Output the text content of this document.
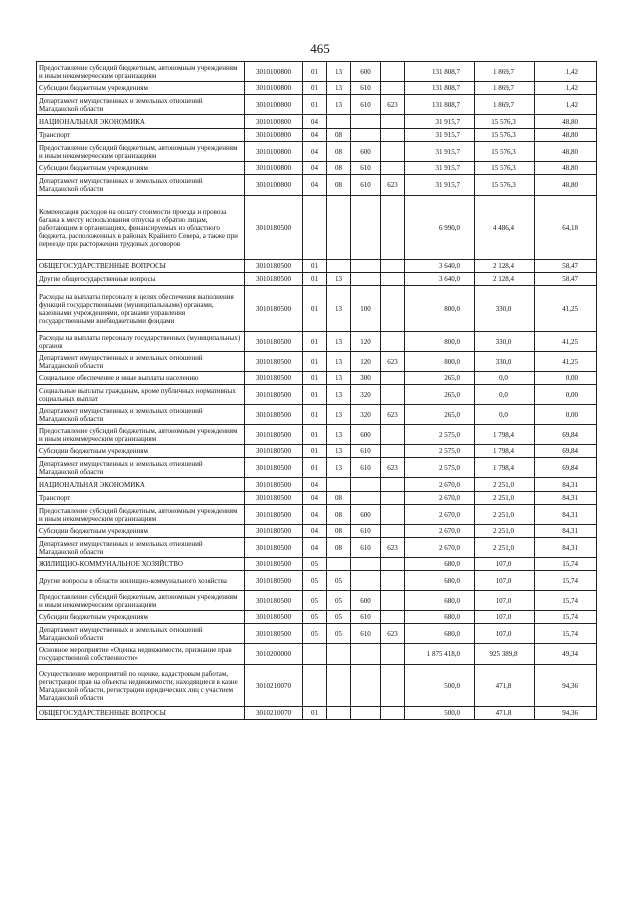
465
Предоставление субсидий бюджетным, автономным учреждениям и иным некоммерческим организациям	3010100800	01	13	600		131 808,7	1 869,7	1,42
Субсидии бюджетным учреждениям	3010100800	01	13	610		131 808,7	1 869,7	1,42
Департамент имущественных и земельных отношений Магаданской области	3010100800	01	13	610	623	131 808,7	1 869,7	1,42
НАЦИОНАЛЬНАЯ ЭКОНОМИКА	3010100800	04				31 915,7	15 576,3	48,80
Транспорт	3010100800	04	08			31 915,7	15 576,3	48,80
Предоставление субсидий бюджетным, автономным учреждениям и иным некоммерческим организациям	3010100800	04	08	600		31 915,7	15 576,3	48,80
Субсидии бюджетным учреждениям	3010100800	04	08	610		31 915,7	15 576,3	48,80
Департамент имущественных и земельных отношений Магаданской области	3010100800	04	08	610	623	31 915,7	15 576,3	48,80
Компенсация расходов на оплату стоимости проезда и провоза багажа к месту использования отпуска и обратно лицам, работающим в организациях, финансируемых из областного бюджета, расположенных в районах Крайнего Севера, а также при переезде при расторжении трудовых договоров	3010180500					6 990,0	4 486,4	64,18
ОБЩЕГОСУДАРСТВЕННЫЕ ВОПРОСЫ	3010180500	01				3 640,0	2 128,4	58,47
Другие общегосударственные вопросы	3010180500	01	13			3 640,0	2 128,4	58,47
Расходы на выплаты персоналу в целях обеспечения выполнения функций государственными (муниципальными) органами, казенными учреждениями, органами управления государственными внебюджетными фондами	3010180500	01	13	100		800,0	330,0	41,25
Расходы на выплаты персоналу государственных (муниципальных) органов	3010180500	01	13	120		800,0	330,0	41,25
Департамент имущественных и земельных отношений Магаданской области	3010180500	01	13	120	623	800,0	330,0	41,25
Социальное обеспечение и иные выплаты населению	3010180500	01	13	300		265,0	0,0	0,00
Социальные выплаты гражданам, кроме публичных нормативных социальных выплат	3010180500	01	13	320		265,0	0,0	0,00
Департамент имущественных и земельных отношений Магаданской области	3010180500	01	13	320	623	265,0	0,0	0,00
Предоставление субсидий бюджетным, автономным учреждениям и иным некоммерческим организациям	3010180500	01	13	600		2 575,0	1 798,4	69,84
Субсидии бюджетным учреждениям	3010180500	01	13	610		2 575,0	1 798,4	69,84
Департамент имущественных и земельных отношений Магаданской области	3010180500	01	13	610	623	2 575,0	1 798,4	69,84
НАЦИОНАЛЬНАЯ ЭКОНОМИКА	3010180500	04				2 670,0	2 251,0	84,31
Транспорт	3010180500	04	08			2 670,0	2 251,0	84,31
Предоставление субсидий бюджетным, автономным учреждениям и иным некоммерческим организациям	3010180500	04	08	600		2 670,0	2 251,0	84,31
Субсидии бюджетным учреждениям	3010180500	04	08	610		2 670,0	2 251,0	84,31
Департамент имущественных и земельных отношений Магаданской области	3010180500	04	08	610	623	2 670,0	2 251,0	84,31
ЖИЛИЩНО-КОММУНАЛЬНОЕ ХОЗЯЙСТВО	3010180500	05				680,0	107,0	15,74
Другие вопросы в области жилищно-коммунального хозяйства	3010180500	05	05			680,0	107,0	15,74
Предоставление субсидий бюджетным, автономным учреждениям и иным некоммерческим организациям	3010180500	05	05	600		680,0	107,0	15,74
Субсидии бюджетным учреждениям	3010180500	05	05	610		680,0	107,0	15,74
Департамент имущественных и земельных отношений Магаданской области	3010180500	05	05	610	623	680,0	107,0	15,74
Основное мероприятие «Оценка недвижимости, признание прав государственной собственности»	3010200000					1 875 418,0	925 389,8	49,34
Осуществление мероприятий по оценке, кадастровым работам, регистрации прав на объекты недвижимости, находящиеся в казне Магаданской области, регистрации юридических лиц с участием Магаданской области	3010210070					500,0	471,8	94,36
ОБЩЕГОСУДАРСТВЕННЫЕ ВОПРОСЫ	3010210070	01				500,0	471,8	94,36
